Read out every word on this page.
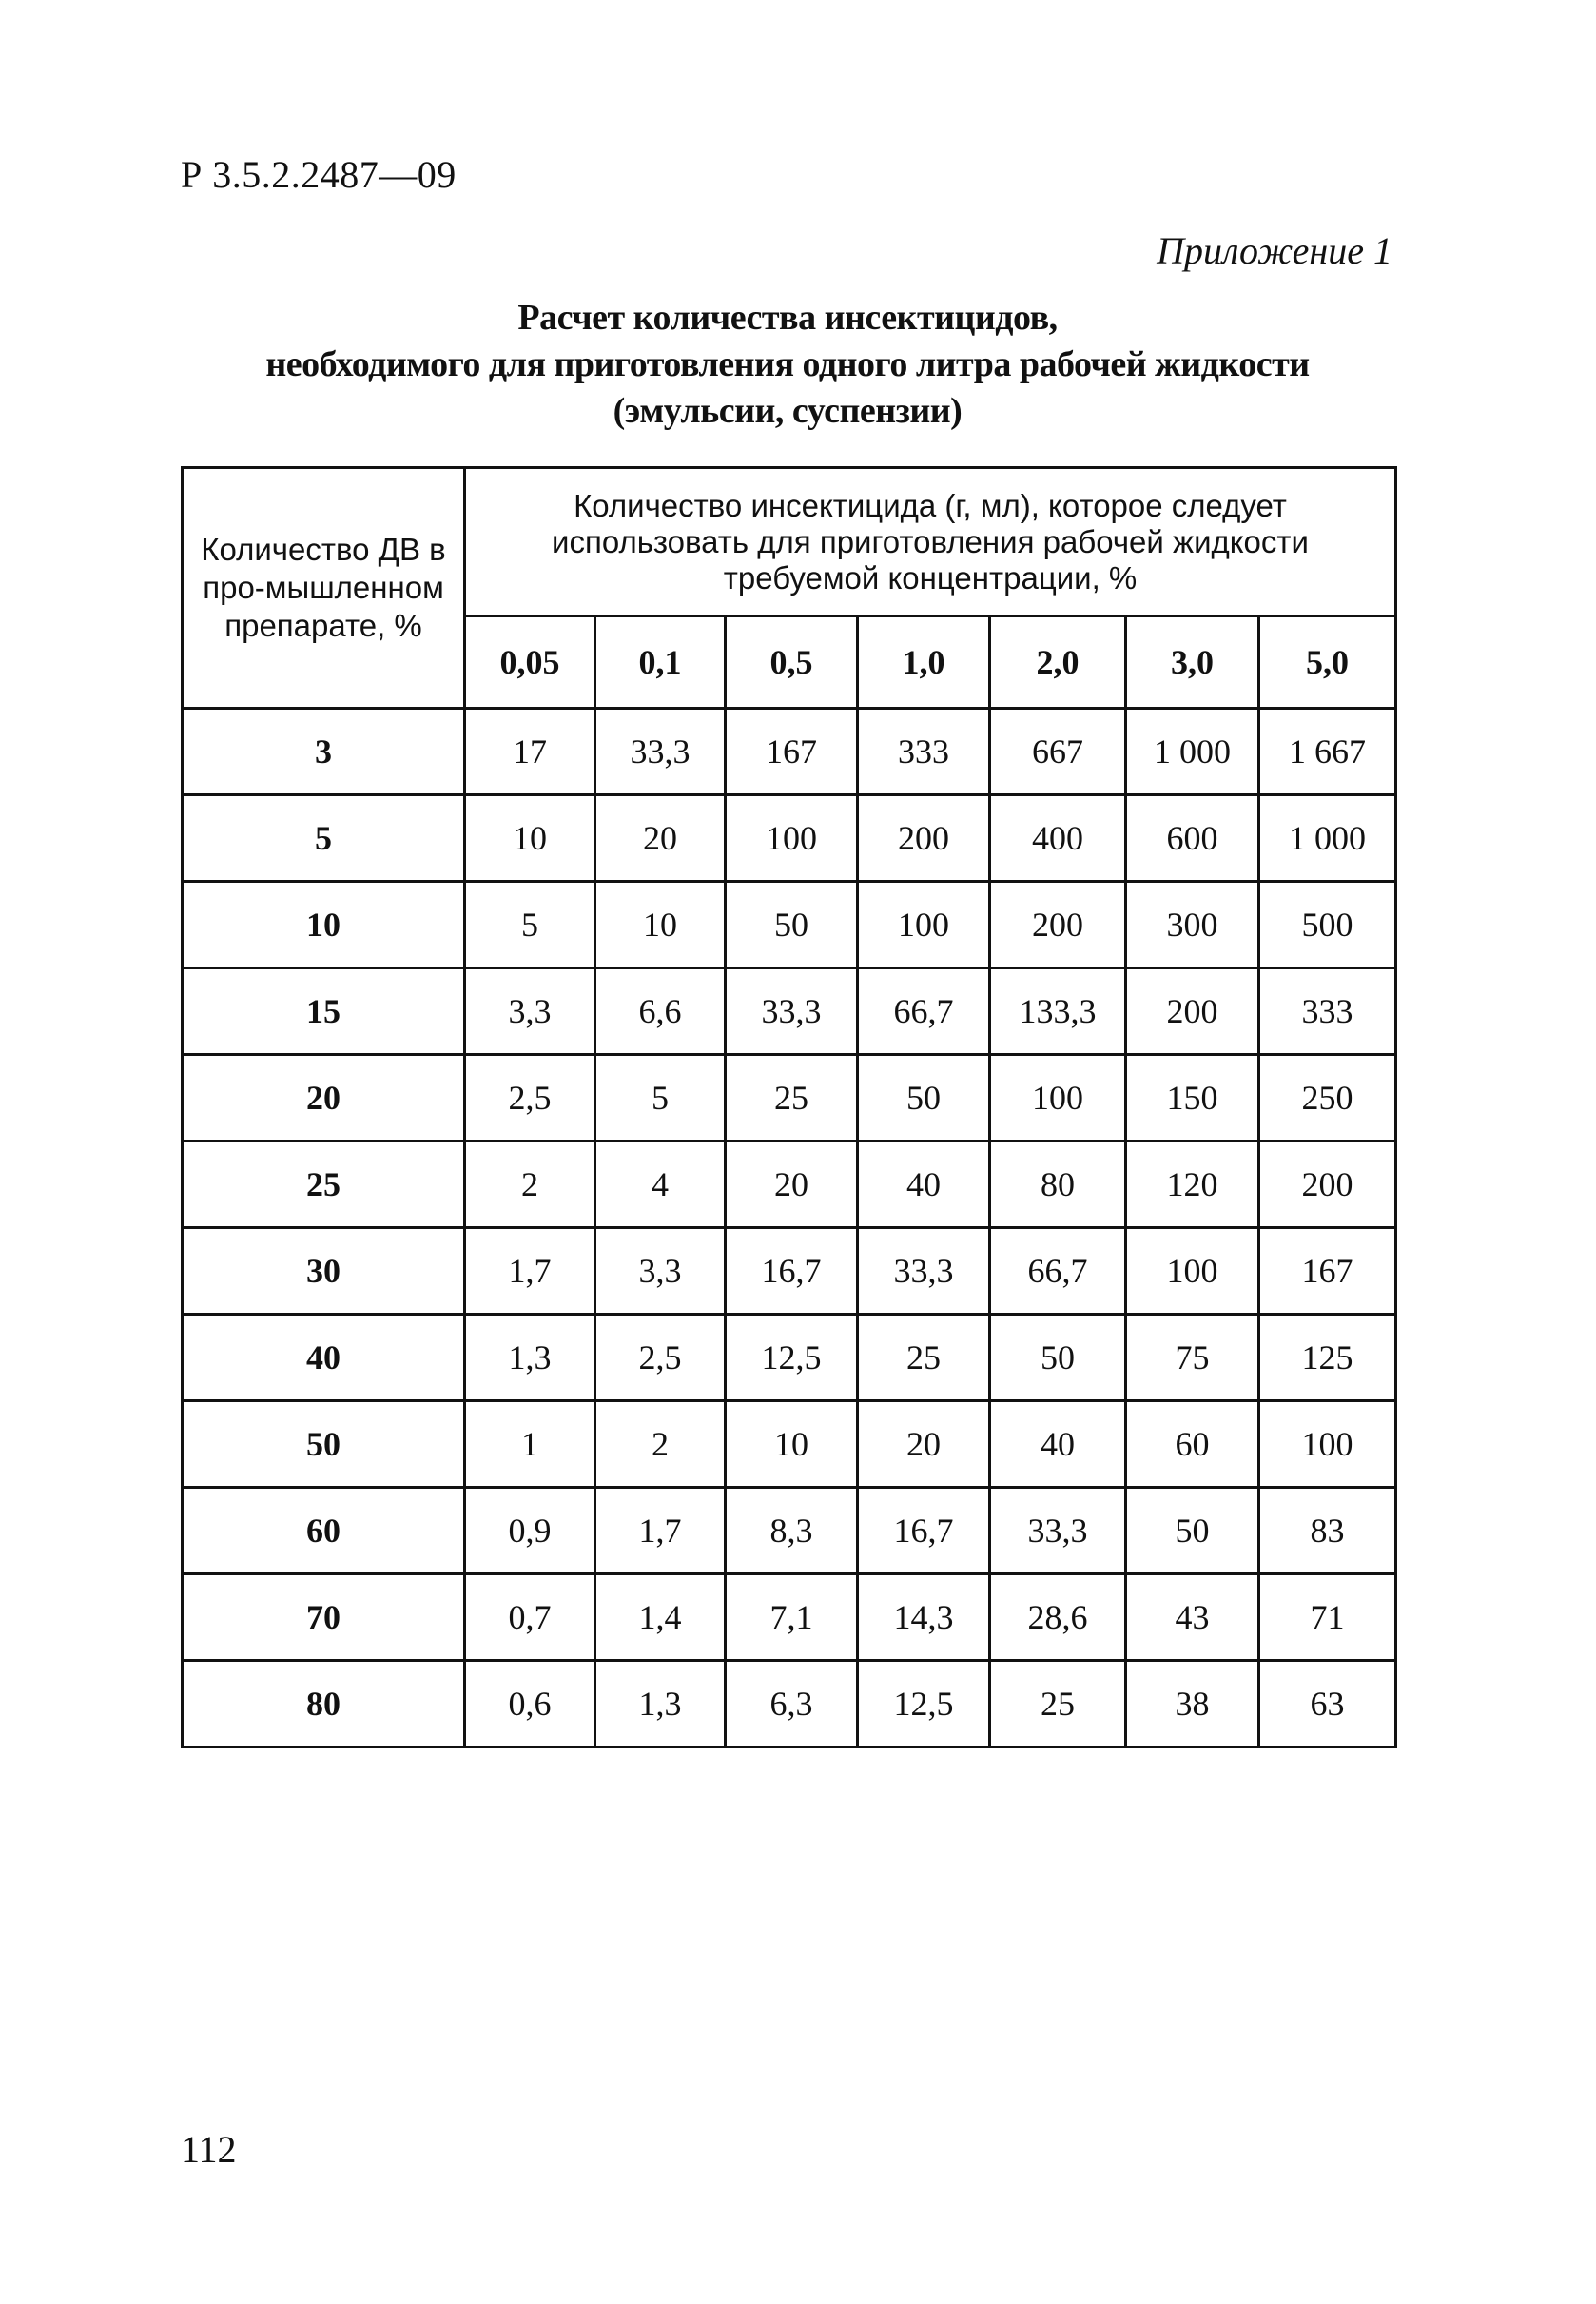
Р 3.5.2.2487—09
Приложение 1
Расчет количества инсектицидов,
необходимого для приготовления одного литра рабочей жидкости
(эмульсии, суспензии)
Количество ДВ в про-мышленном препарате, %	Количество инсектицида (г, мл), которое следует использовать для приготовления рабочей жидкости требуемой концентрации, %						
	0,05	0,1	0,5	1,0	2,0	3,0	5,0
3	17	33,3	167	333	667	1 000	1 667
5	10	20	100	200	400	600	1 000
10	5	10	50	100	200	300	500
15	3,3	6,6	33,3	66,7	133,3	200	333
20	2,5	5	25	50	100	150	250
25	2	4	20	40	80	120	200
30	1,7	3,3	16,7	33,3	66,7	100	167
40	1,3	2,5	12,5	25	50	75	125
50	1	2	10	20	40	60	100
60	0,9	1,7	8,3	16,7	33,3	50	83
70	0,7	1,4	7,1	14,3	28,6	43	71
80	0,6	1,3	6,3	12,5	25	38	63
112
